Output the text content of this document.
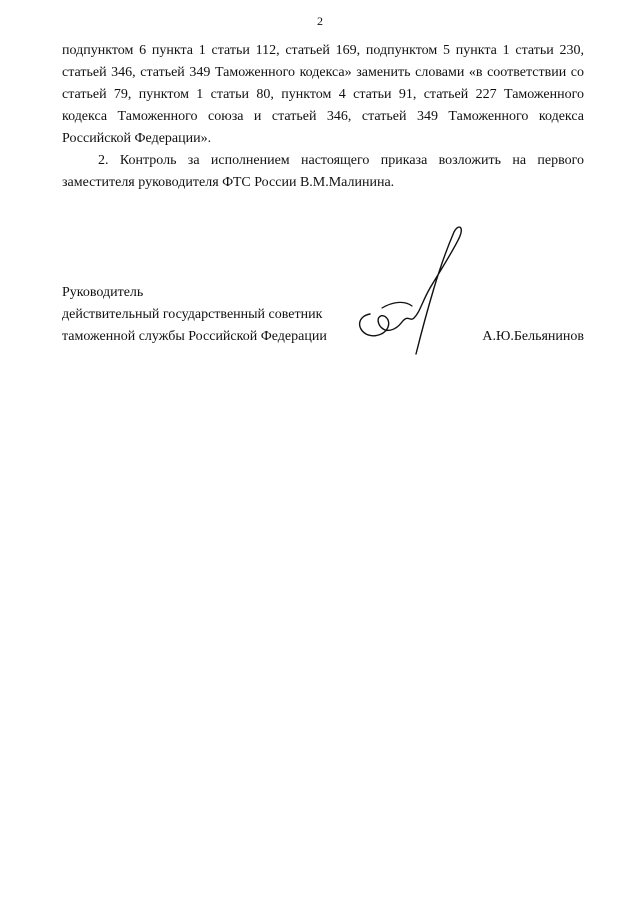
2

подпунктом 6 пункта 1 статьи 112, статьей 169, подпунктом 5 пункта 1 статьи 230, статьей 346, статьей 349 Таможенного кодекса» заменить словами «в соответствии со статьей 79, пунктом 1 статьи 80, пунктом 4 статьи 91, статьей 227 Таможенного кодекса Таможенного союза и статьей 346, статьей 349 Таможенного кодекса Российской Федерации».

2. Контроль за исполнением настоящего приказа возложить на первого заместителя руководителя ФТС России В.М.Малинина.

Руководитель
действительный государственный советник
таможенной службы Российской Федерации	А.Ю.Бельянинов
